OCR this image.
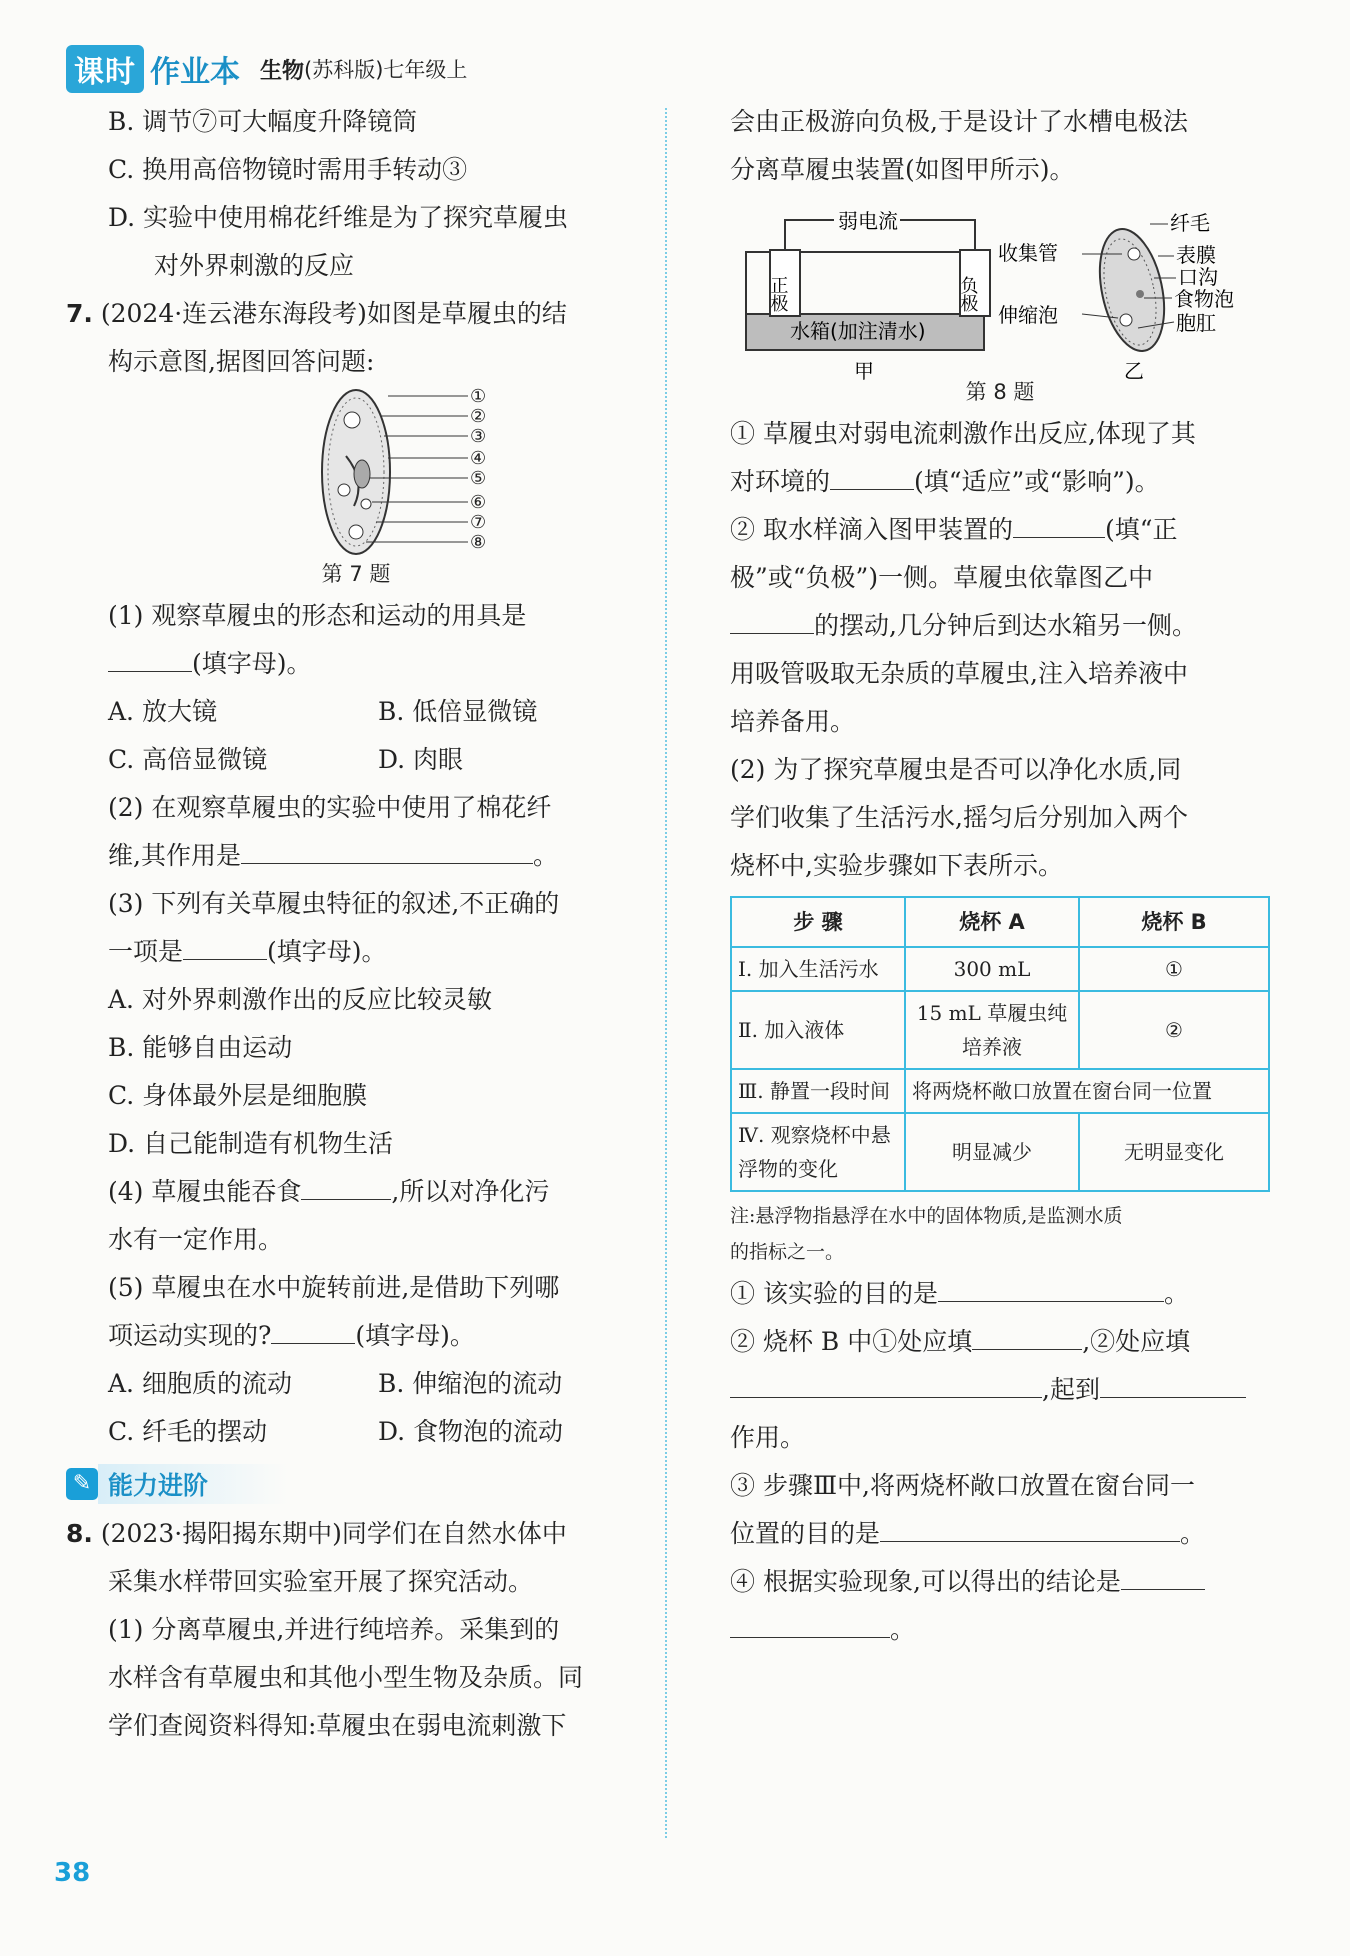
课时 作业本 生物 (苏科版)七年级上
B. 调节⑦可大幅度升降镜筒
C. 换用高倍物镜时需用手转动③
D. 实验中使用棉花纤维是为了探究草履虫
对外界刺激的反应
7. (2024·连云港东海段考)如图是草履虫的结
构示意图,据图回答问题:
①
②
③
④
⑤
⑥
⑦
⑧
第 7 题
(1) 观察草履虫的形态和运动的用具是
(填字母)。
A. 放大镜	B. 低倍显微镜
C. 高倍显微镜	D. 肉眼
(2) 在观察草履虫的实验中使用了棉花纤
维,其作用是	。
(3) 下列有关草履虫特征的叙述,不正确的
一项是	(填字母)。
A. 对外界刺激作出的反应比较灵敏
B. 能够自由运动
C. 身体最外层是细胞膜
D. 自己能制造有机物生活
(4) 草履虫能吞食	,所以对净化污
水有一定作用。
(5) 草履虫在水中旋转前进,是借助下列哪
项运动实现的?	(填字母)。
A. 细胞质的流动	B. 伸缩泡的流动
C. 纤毛的摆动	D. 食物泡的流动
✎ 能力进阶
8. (2023·揭阳揭东期中)同学们在自然水体中
采集水样带回实验室开展了探究活动。
(1) 分离草履虫,并进行纯培养。采集到的
水样含有草履虫和其他小型生物及杂质。同
学们查阅资料得知:草履虫在弱电流刺激下
会由正极游向负极,于是设计了水槽电极法
分离草履虫装置(如图甲所示)。
弱电流
正极	负极
水箱(加注清水)
甲
收集管
伸缩泡
纤毛
表膜
口沟
食物泡
胞肛
乙
第 8 题
① 草履虫对弱电流刺激作出反应,体现了其
对环境的	(填“适应”或“影响”)。
② 取水样滴入图甲装置的	(填“正
极”或“负极”)一侧。草履虫依靠图乙中
的摆动,几分钟后到达水箱另一侧。
用吸管吸取无杂质的草履虫,注入培养液中
培养备用。
(2) 为了探究草履虫是否可以净化水质,同
学们收集了生活污水,摇匀后分别加入两个
烧杯中,实验步骤如下表所示。
步 骤	烧杯 A	烧杯 B
Ⅰ. 加入生活污水	300 mL	①
Ⅱ. 加入液体	15 mL 草履虫纯培养液	②
Ⅲ. 静置一段时间	将两烧杯敞口放置在窗台同一位置	
Ⅳ. 观察烧杯中悬浮物的变化	明显减少	无明显变化
注:悬浮物指悬浮在水中的固体物质,是监测水质
的指标之一。
① 该实验的目的是	。
② 烧杯 B 中①处应填	,②处应填
,起到
作用。
③ 步骤Ⅲ中,将两烧杯敞口放置在窗台同一
位置的目的是	。
④ 根据实验现象,可以得出的结论是
。
38
